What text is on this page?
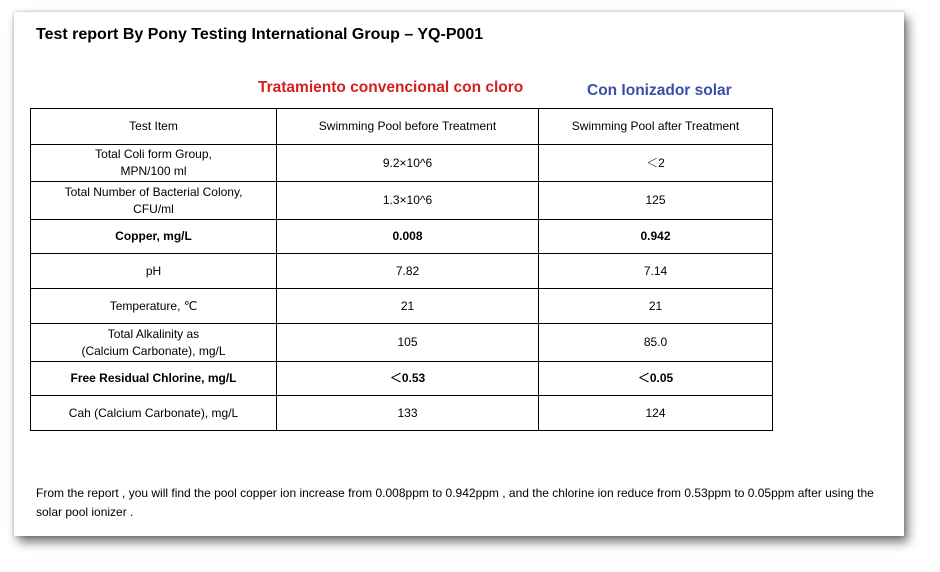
Test report By Pony Testing International Group – YQ-P001
Tratamiento convencional con cloro	Con Ionizador solar
Test Item	Swimming Pool before Treatment	Swimming Pool after Treatment
Total Coli form Group,
MPN/100 ml	9.2×10^6	＜2
Total Number of Bacterial Colony,
CFU/ml	1.3×10^6	125
Copper, mg/L	0.008	0.942
pH	7.82	7.14
Temperature, ℃	21	21
Total Alkalinity as
(Calcium Carbonate), mg/L	105	85.0
Free Residual Chlorine, mg/L	＜0.53	＜0.05
Cah (Calcium Carbonate), mg/L	133	124
From the report , you will find the pool copper ion increase from 0.008ppm to 0.942ppm , and the chlorine ion reduce from 0.53ppm to 0.05ppm after using the solar pool ionizer .
